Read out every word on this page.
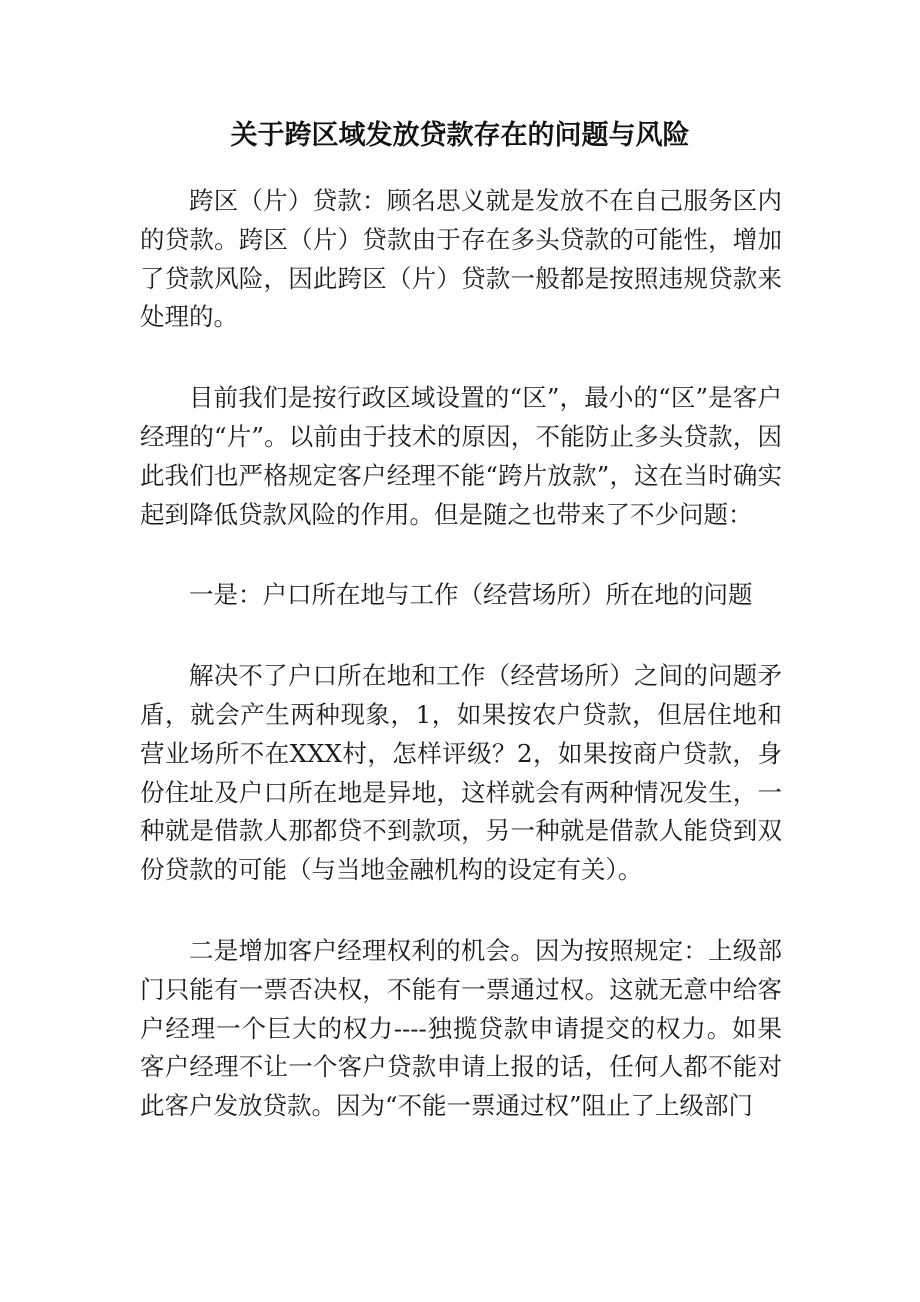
关于跨区域发放贷款存在的问题与风险

跨区（片）贷款：顾名思义就是发放不在自己服务区内的贷款。跨区（片）贷款由于存在多头贷款的可能性，增加了贷款风险，因此跨区（片）贷款一般都是按照违规贷款来处理的。

目前我们是按行政区域设置的“区”，最小的“区”是客户经理的“片”。以前由于技术的原因，不能防止多头贷款，因此我们也严格规定客户经理不能“跨片放款”，这在当时确实起到降低贷款风险的作用。但是随之也带来了不少问题：

一是：户口所在地与工作（经营场所）所在地的问题

解决不了户口所在地和工作（经营场所）之间的问题矛盾，就会产生两种现象，1，如果按农户贷款，但居住地和营业场所不在XXX村，怎样评级？2，如果按商户贷款，身份住址及户口所在地是异地，这样就会有两种情况发生，一种就是借款人那都贷不到款项，另一种就是借款人能贷到双份贷款的可能（与当地金融机构的设定有关）。

二是增加客户经理权利的机会。因为按照规定：上级部门只能有一票否决权，不能有一票通过权。这就无意中给客户经理一个巨大的权力----独揽贷款申请提交的权力。如果客户经理不让一个客户贷款申请上报的话，任何人都不能对此客户发放贷款。因为“不能一票通过权”阻止了上级部门
